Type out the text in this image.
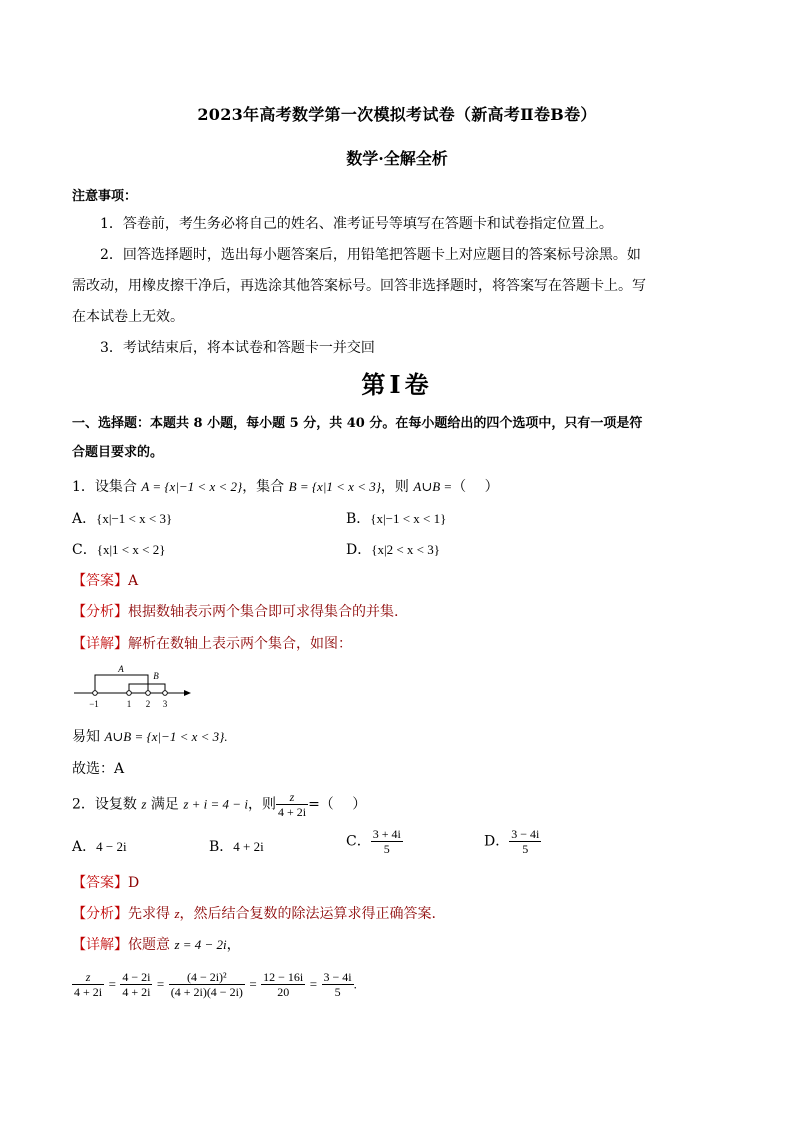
2023年高考数学第一次模拟考试卷（新高考Ⅱ卷B卷）
数学·全解全析
注意事项：

1．答卷前，考生务必将自己的姓名、准考证号等填写在答题卡和试卷指定位置上。

2．回答选择题时，选出每小题答案后，用铅笔把答题卡上对应题目的答案标号涂黑。如

需改动，用橡皮擦干净后，再选涂其他答案标号。回答非选择题时，将答案写在答题卡上。写

在本试卷上无效。

3．考试结束后，将本试卷和答题卡一并交回

第Ⅰ卷
一、选择题：本题共 8 小题，每小题 5 分，共 40 分。在每小题给出的四个选项中，只有一项是符
合题目要求的。
1．设集合 A = {x|−1 < x < 2}，集合 B = {x|1 < x < 3}，则 A∪B =（　 ）
A．{x|−1 < x < 3}	B．{x|−1 < x < 1}
C．{x|1 < x < 2}	D．{x|2 < x < 3}
【答案】A
【分析】根据数轴表示两个集合即可求得集合的并集.
【详解】解析在数轴上表示两个集合，如图：
A
B
−1	1 2 3
易知 A∪B = {x|−1 < x < 3}.
故选：A
2．设复数 z 满足 z + i = 4 − i，则 $\frac{z}{4 + 2i}$ =（　 ）
A．4 − 2i	B．4 + 2i	C． $\frac{3 + 4i}{5}$	D． $\frac{3 - 4i}{5}$
【答案】D
【分析】先求得 z，然后结合复数的除法运算求得正确答案.
【详解】依题意 z = 4 − 2i，
$\frac{z}{4 + 2i} = \frac{4 - 2i}{4 + 2i} = \frac{\text{(4 − 2i)²}}{(4 + 2i)(4 - 2i)} = \frac{12 - 16i}{20} = \frac{3 - 4i}{5}$ .
